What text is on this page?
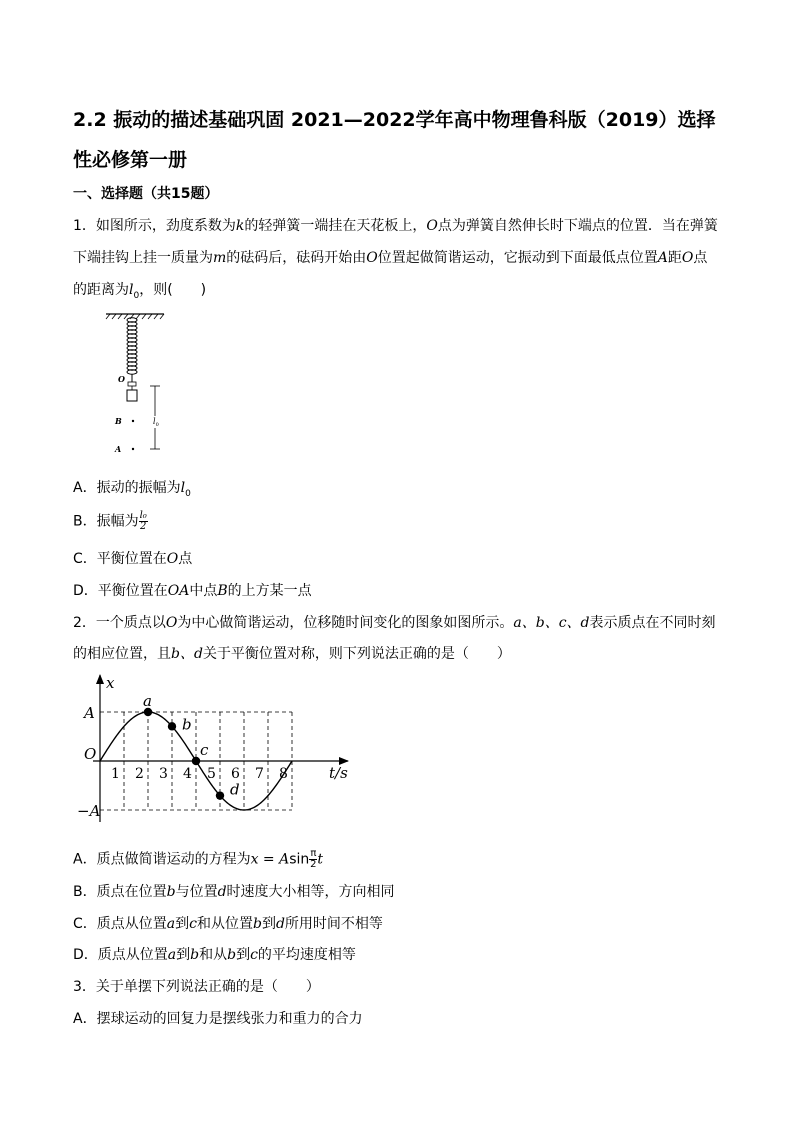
2.2 振动的描述基础巩固 2021—2022学年高中物理鲁科版（2019）选择性必修第一册
一、选择题（共15题）
1．如图所示，劲度系数为k的轻弹簧一端挂在天花板上，O点为弹簧自然伸长时下端点的位置．当在弹簧
下端挂钩上挂一质量为m的砝码后，砝码开始由O位置起做简谐运动，它振动到下面最低点位置A距O点
的距离为$l_0$，则(　　)
O
B
A
$l_0$
A．振动的振幅为$l_0$
B．振幅为 $\frac{\text{l₀}}{2}$
C．平衡位置在O点
D．平衡位置在OA中点B的上方某一点
2．一个质点以O为中心做简谐运动，位移随时间变化的图象如图所示。a、b、c、d表示质点在不同时刻
的相应位置，且b、d关于平衡位置对称，则下列说法正确的是（　　）
a
b
c
d
1 2 3 4 5 6 7 8
A
O
−A
t/s
x
A．质点做简谐运动的方程为x = Asin $\frac{\pi}{2}$ t
B．质点在位置b与位置d时速度大小相等，方向相同
C．质点从位置a到c和从位置b到d所用时间不相等
D．质点从位置a到b和从b到c的平均速度相等
3．关于单摆下列说法正确的是（　　）
A．摆球运动的回复力是摆线张力和重力的合力
